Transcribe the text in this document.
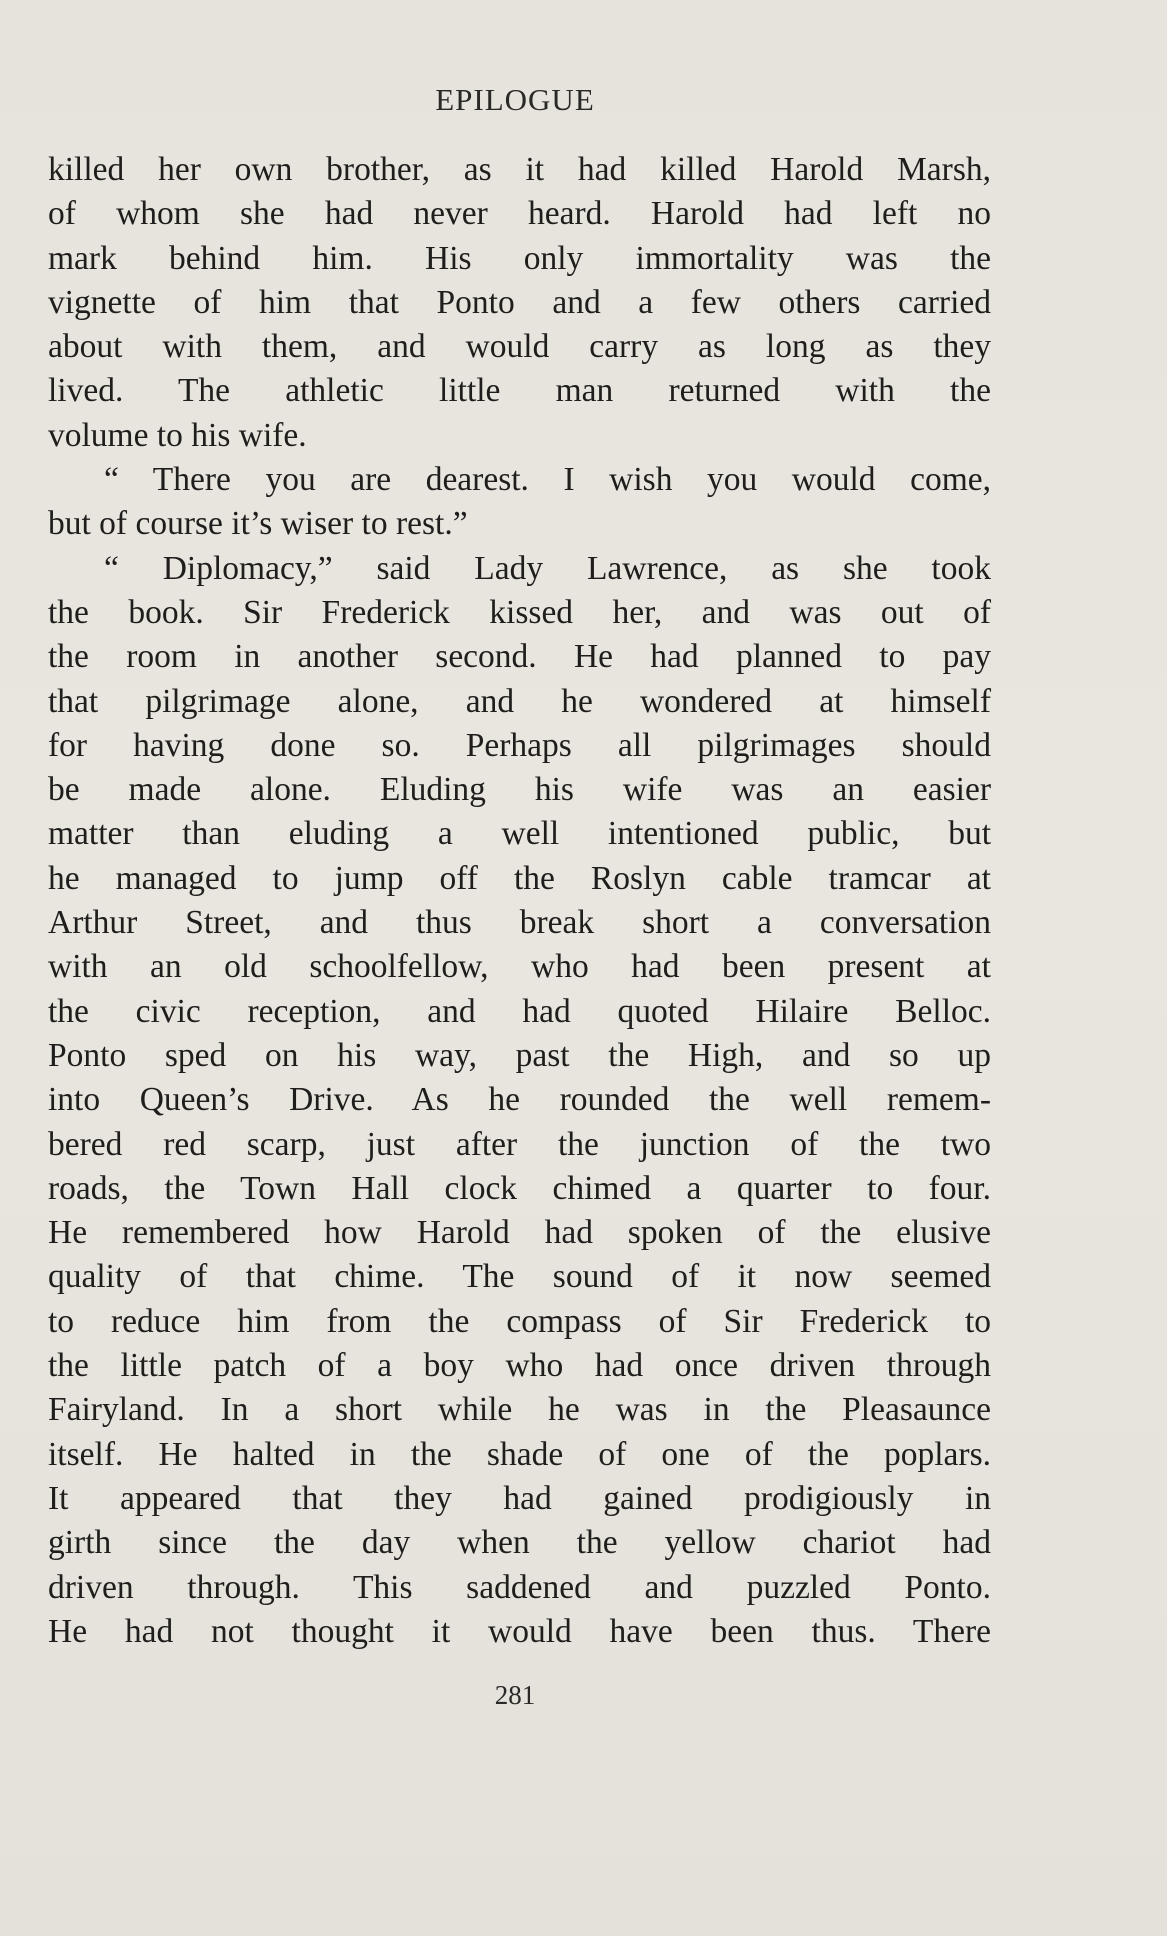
EPILOGUE
killed her own brother, as it had killed Harold Marsh,
of whom she had never heard. Harold had left no
mark behind him. His only immortality was the
vignette of him that Ponto and a few others carried
about with them, and would carry as long as they
lived. The athletic little man returned with the
volume to his wife.
“ There you are dearest. I wish you would come,
but of course it’s wiser to rest.”
“ Diplomacy,” said Lady Lawrence, as she took
the book. Sir Frederick kissed her, and was out of
the room in another second. He had planned to pay
that pilgrimage alone, and he wondered at himself
for having done so. Perhaps all pilgrimages should
be made alone. Eluding his wife was an easier
matter than eluding a well intentioned public, but
he managed to jump off the Roslyn cable tramcar at
Arthur Street, and thus break short a conversation
with an old schoolfellow, who had been present at
the civic reception, and had quoted Hilaire Belloc.
Ponto sped on his way, past the High, and so up
into Queen’s Drive. As he rounded the well remem-
bered red scarp, just after the junction of the two
roads, the Town Hall clock chimed a quarter to four.
He remembered how Harold had spoken of the elusive
quality of that chime. The sound of it now seemed
to reduce him from the compass of Sir Frederick to
the little patch of a boy who had once driven through
Fairyland. In a short while he was in the Pleasaunce
itself. He halted in the shade of one of the poplars.
It appeared that they had gained prodigiously in
girth since the day when the yellow chariot had
driven through. This saddened and puzzled Ponto.
He had not thought it would have been thus. There
281
